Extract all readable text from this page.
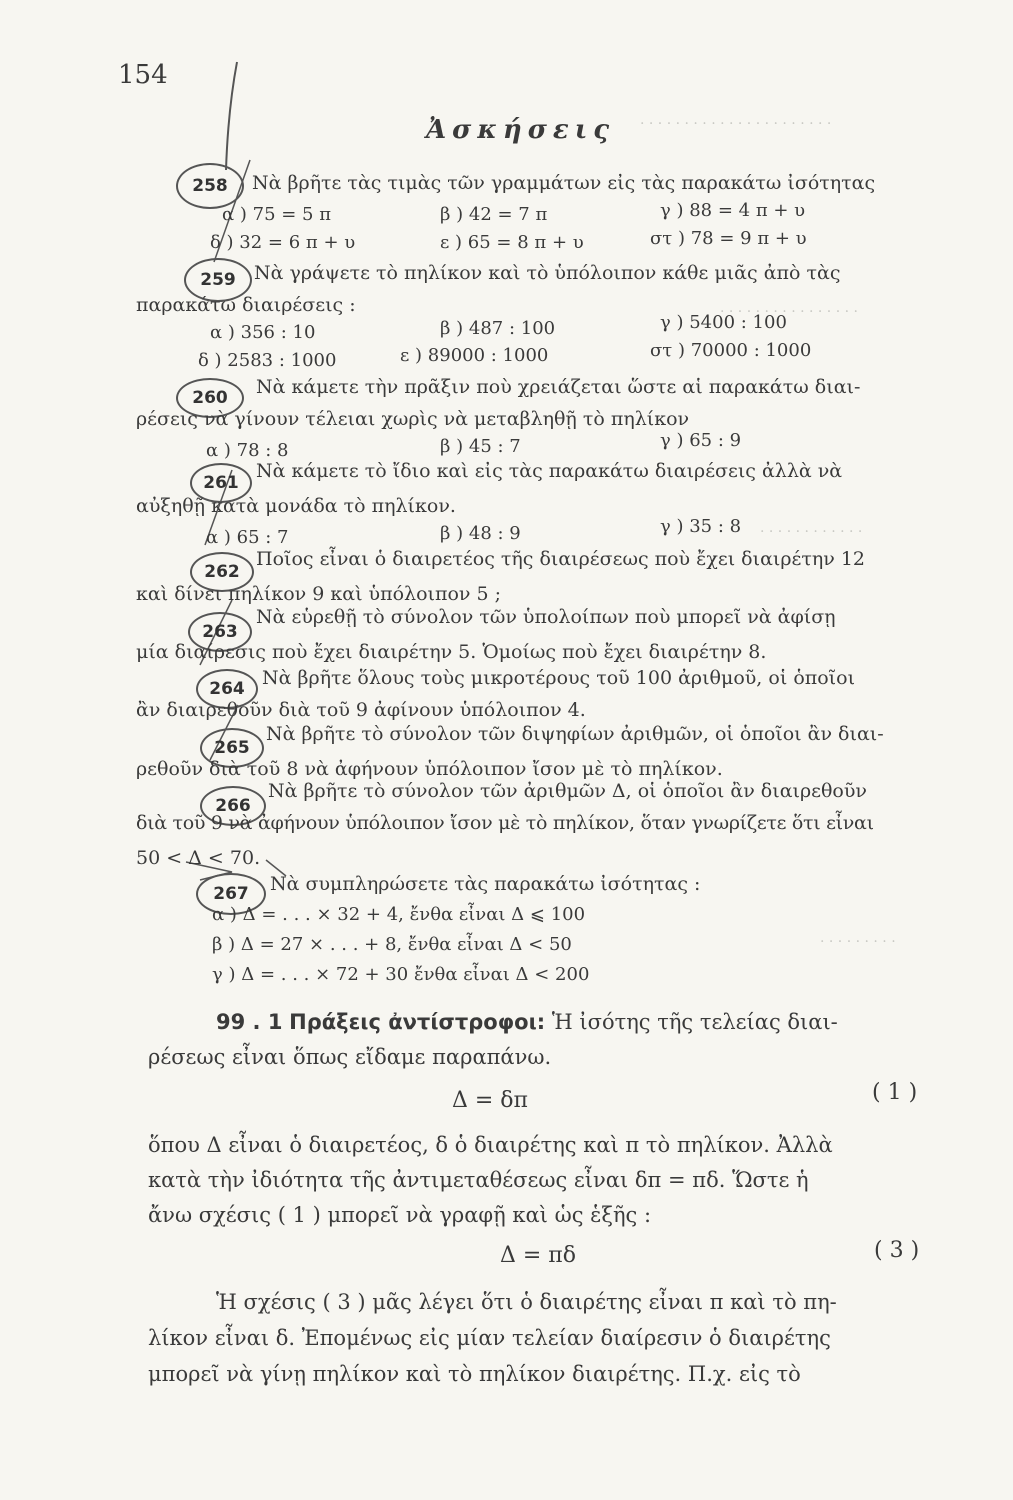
. . . . . . . . . . . . . . . . . . . . . .
. . . . . . . . . . . . . . . .
. . . . . . . . . . . .
. . . . . . . . .
154
Ἀσκήσεις
258	Νὰ βρῆτε τὰς τιμὰς τῶν γραμμάτων εἰς τὰς παρακάτω ἰσότητας
α ) 75 = 5 π	β ) 42 = 7 π	γ ) 88 = 4 π + υ
δ ) 32 = 6 π + υ	ε ) 65 = 8 π + υ	στ ) 78 = 9 π + υ
259 Νὰ γράψετε τὸ πηλίκον καὶ τὸ ὑπόλοιπον κάθε μιᾶς ἀπὸ τὰς
παρακάτω διαιρέσεις :
α ) 356 : 10	β ) 487 : 100	γ ) 5400 : 100
δ ) 2583 : 1000	ε ) 89000 : 1000	στ ) 70000 : 1000
260	Νὰ κάμετε τὴν πρᾶξιν ποὺ χρειάζεται ὥστε αἱ παρακάτω διαι-
ρέσεις νὰ γίνουν τέλειαι χωρὶς νὰ μεταβληθῇ τὸ πηλίκον
α ) 78 : 8	β ) 45 : 7	γ ) 65 : 9
261
Νὰ κάμετε τὸ ἴδιο καὶ εἰς τὰς παρακάτω διαιρέσεις ἀλλὰ νὰ
αὐξηθῇ κατὰ μονάδα τὸ πηλίκον.
α ) 65 : 7	β ) 48 : 9	γ ) 35 : 8
262
Ποῖος εἶναι ὁ διαιρετέος τῆς διαιρέσεως ποὺ ἔχει διαιρέτην 12
καὶ δίνει πηλίκον 9 καὶ ὑπόλοιπον 5 ;
263
Νὰ εὑρεθῇ τὸ σύνολον τῶν ὑπολοίπων ποὺ μπορεῖ νὰ ἀφίσῃ
μία διαίρεσις ποὺ ἔχει διαιρέτην 5. Ὁμοίως ποὺ ἔχει διαιρέτην 8.
264 Νὰ βρῆτε ὅλους τοὺς μικροτέρους τοῦ 100 ἀριθμοῦ, οἱ ὁποῖοι
ἂν διαιρεθοῦν διὰ τοῦ 9 ἀφίνουν ὑπόλοιπον 4.
265
Νὰ βρῆτε τὸ σύνολον τῶν διψηφίων ἀριθμῶν, οἱ ὁποῖοι ἂν διαι-
ρεθοῦν διὰ τοῦ 8 νὰ ἀφήνουν ὑπόλοιπον ἴσον μὲ τὸ πηλίκον.
266
Νὰ βρῆτε τὸ σύνολον τῶν ἀριθμῶν Δ, οἱ ὁποῖοι ἂν διαιρεθοῦν
διὰ τοῦ 9 νὰ ἀφήνουν ὑπόλοιπον ἴσον μὲ τὸ πηλίκον, ὅταν γνωρίζετε ὅτι εἶναι
50 < Δ < 70.
267	Νὰ συμπληρώσετε τὰς παρακάτω ἰσότητας :
α ) Δ = . . . × 32 + 4, ἔνθα εἶναι Δ ⩽ 100
β ) Δ = 27 × . . . + 8, ἔνθα εἶναι Δ < 50
γ ) Δ = . . . × 72 + 30 ἔνθα εἶναι Δ < 200
99 . 1 Πράξεις ἀντίστροφοι: Ἡ ἰσότης τῆς τελείας διαι-
ρέσεως εἶναι ὅπως εἴδαμε παραπάνω.
Δ = δπ	( 1 )
ὅπου Δ εἶναι ὁ διαιρετέος, δ ὁ διαιρέτης καὶ π τὸ πηλίκον. Ἀλλὰ
κατὰ τὴν ἰδιότητα τῆς ἀντιμεταθέσεως εἶναι δπ = πδ. Ὥστε ἡ
ἄνω σχέσις ( 1 ) μπορεῖ νὰ γραφῇ καὶ ὡς ἑξῆς :
Δ = πδ	( 3 )
Ἡ σχέσις ( 3 ) μᾶς λέγει ὅτι ὁ διαιρέτης εἶναι π καὶ τὸ πη-
λίκον εἶναι δ. Ἐπομένως εἰς μίαν τελείαν διαίρεσιν ὁ διαιρέτης
μπορεῖ νὰ γίνῃ πηλίκον καὶ τὸ πηλίκον διαιρέτης. Π.χ. εἰς τὸ
